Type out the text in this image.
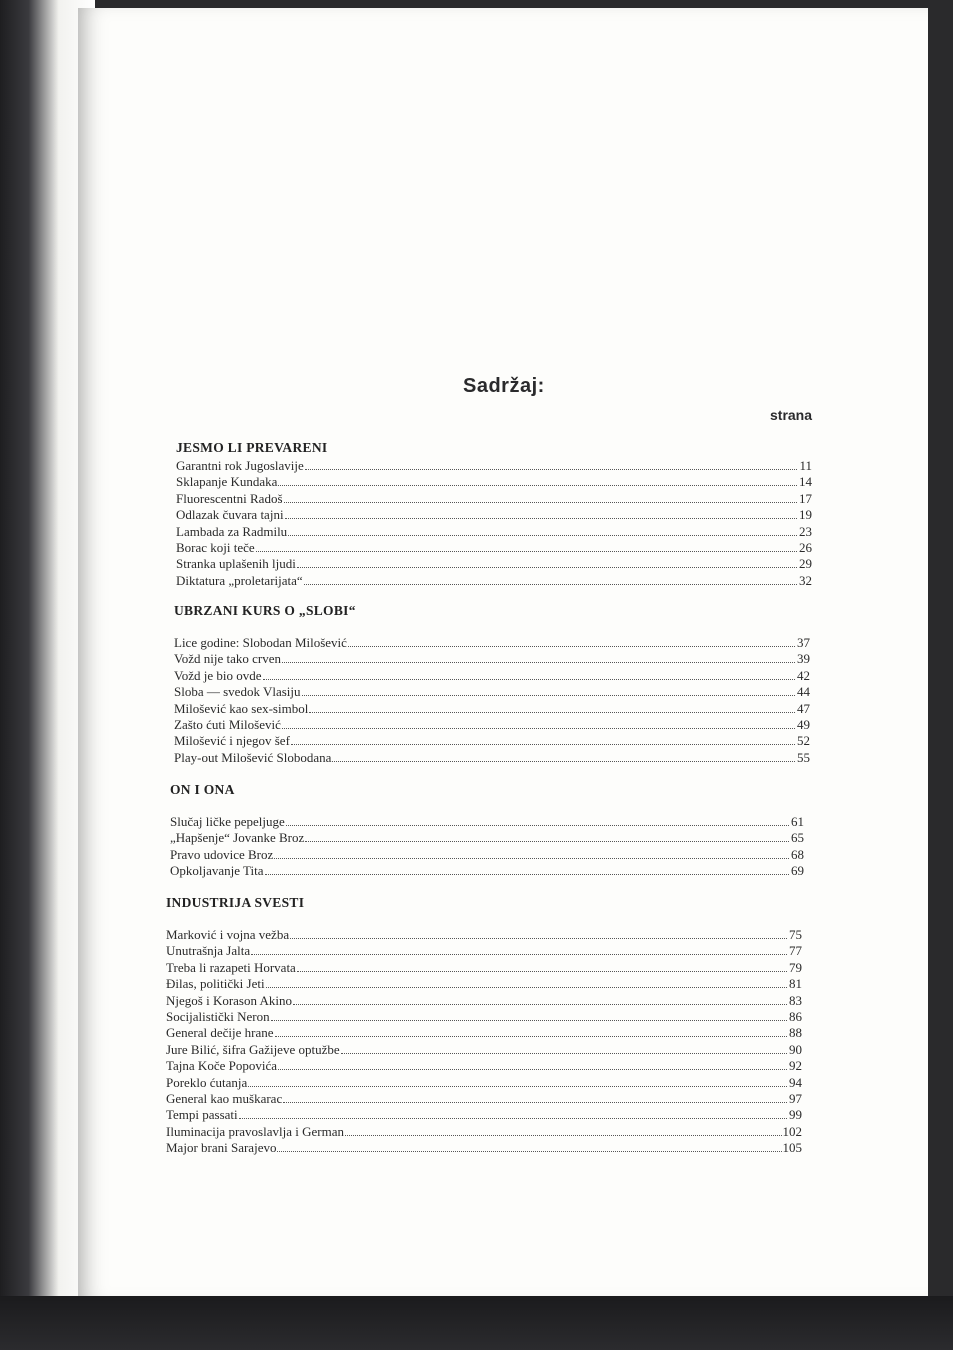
Sadržaj:
strana
JESMO LI PREVARENI
Garantni rok Jugoslavije	11
Sklapanje Kundaka	14
Fluorescentni Radoš	17
Odlazak čuvara tajni	19
Lambada za Radmilu	23
Borac koji teče	26
Stranka uplašenih ljudi	29
Diktatura „proletarijata“	32
UBRZANI KURS O „SLOBI“
Lice godine: Slobodan Milošević	37
Vožd nije tako crven	39
Vožd je bio ovde	42
Sloba — svedok Vlasiju	44
Milošević kao sex-simbol	47
Zašto ćuti Milošević	49
Milošević i njegov šef	52
Play-out Milošević Slobodana	55
ON I ONA
Slučaj ličke pepeljuge	61
„Hapšenje“ Jovanke Broz	65
Pravo udovice Broz	68
Opkoljavanje Tita	69
INDUSTRIJA SVESTI
Marković i vojna vežba	75
Unutrašnja Jalta	77
Treba li razapeti Horvata	79
Đilas, politički Jeti	81
Njegoš i Korason Akino	83
Socijalistički Neron	86
General dečije hrane	88
Jure Bilić, šifra Gažijeve optužbe	90
Tajna Koče Popovića	92
Poreklo ćutanja	94
General kao muškarac	97
Tempi passati	99
Iluminacija pravoslavlja i German	102
Major brani Sarajevo	105
